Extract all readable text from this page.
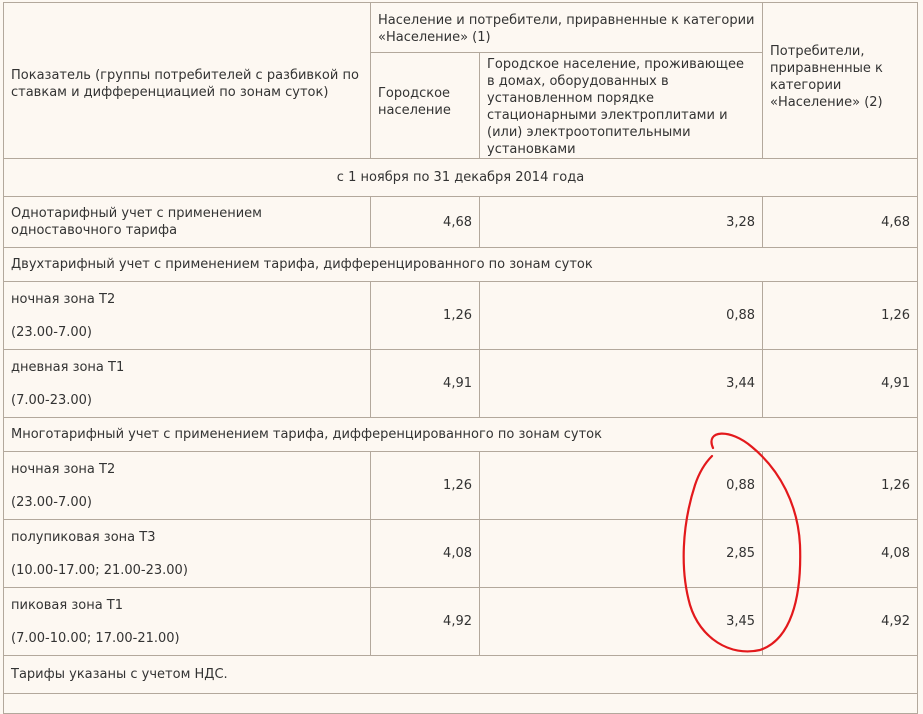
Показатель (группы потребителей с разбивкой по ставкам и дифференциацией по зонам суток)	Население и потребители, приравненные к категории «Население» (1)		Потребители, приравненные к категории «Население» (2)
	Городское население	Городское население, проживающее в домах, оборудованных в установленном порядке стационарными электроплитами и (или) электроотопительными установками	
с 1 ноября по 31 декабря 2014 года			
Однотарифный учет с применением одноставочного тарифа	4,68	3,28	4,68
Двухтарифный учет с применением тарифа, дифференцированного по зонам суток			

ночная зона Т2
(23.00-7.00)	1,26	0,88	1,26

дневная зона Т1
(7.00-23.00)	4,91	3,44	4,91
Многотарифный учет с применением тарифа, дифференцированного по зонам суток			

ночная зона Т2
(23.00-7.00)	1,26	0,88	1,26

полупиковая зона Т3
(10.00-17.00; 21.00-23.00)	4,08	2,85	4,08

пиковая зона Т1
(7.00-10.00; 17.00-21.00)	4,92	3,45	4,92
Тарифы указаны с учетом НДС.			
